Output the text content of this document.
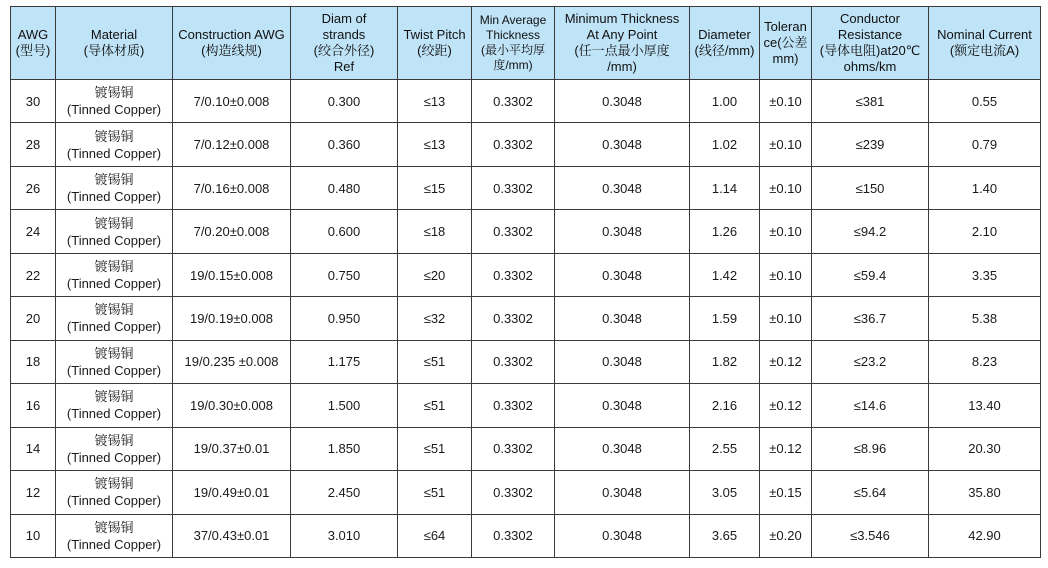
AWG
(型号)	Material
(导体材质)	Construction AWG
(构造线规)	Diam of
strands
(绞合外径)
Ref	Twist Pitch
(绞距)	Min Average
Thickness
(最小平均厚
度/mm)	Minimum Thickness
At Any Point
(任一点最小厚度
/mm)	Diameter
(线径/mm)	Toleran
ce(公差
mm)	Conductor
Resistance
(导体电阻)at20℃
ohms/km	Nominal Current
(额定电流A)
30	镀锡铜
(Tinned Copper)	7/0.10±0.008	0.300	≤13	0.3302	0.3048	1.00	±0.10	≤381	0.55
28	镀锡铜
(Tinned Copper)	7/0.12±0.008	0.360	≤13	0.3302	0.3048	1.02	±0.10	≤239	0.79
26	镀锡铜
(Tinned Copper)	7/0.16±0.008	0.480	≤15	0.3302	0.3048	1.14	±0.10	≤150	1.40
24	镀锡铜
(Tinned Copper)	7/0.20±0.008	0.600	≤18	0.3302	0.3048	1.26	±0.10	≤94.2	2.10
22	镀锡铜
(Tinned Copper)	19/0.15±0.008	0.750	≤20	0.3302	0.3048	1.42	±0.10	≤59.4	3.35
20	镀锡铜
(Tinned Copper)	19/0.19±0.008	0.950	≤32	0.3302	0.3048	1.59	±0.10	≤36.7	5.38
18	镀锡铜
(Tinned Copper)	19/0.235 ±0.008	1.175	≤51	0.3302	0.3048	1.82	±0.12	≤23.2	8.23
16	镀锡铜
(Tinned Copper)	19/0.30±0.008	1.500	≤51	0.3302	0.3048	2.16	±0.12	≤14.6	13.40
14	镀锡铜
(Tinned Copper)	19/0.37±0.01	1.850	≤51	0.3302	0.3048	2.55	±0.12	≤8.96	20.30
12	镀锡铜
(Tinned Copper)	19/0.49±0.01	2.450	≤51	0.3302	0.3048	3.05	±0.15	≤5.64	35.80
10	镀锡铜
(Tinned Copper)	37/0.43±0.01	3.010	≤64	0.3302	0.3048	3.65	±0.20	≤3.546	42.90
